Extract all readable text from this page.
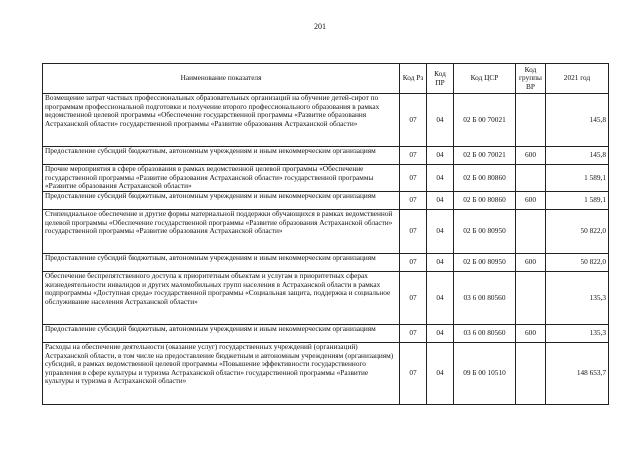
201
Наименование показателя	Код Рз	Код ПР	Код ЦСР	Код группы ВР	2021 год
Возмещение затрат частных профессиональных образовательных организаций на обучение детей-сирот по программам профессиональной подготовки и получение второго профессионального образования в рамках ведомственной целевой программы «Обеспечение государственной программы «Развитие образования Астраханской области» государственной программы «Развитие образования Астраханской области»	07	04	02 Б 00 70021		145,8
Предоставление субсидий бюджетным, автономным учреждениям и иным некоммерческим организациям	07	04	02 Б 00 70021	600	145,8
Прочие мероприятия в сфере образования в рамках ведомственной целевой программы «Обеспечение государственной программы «Развитие образования Астраханской области» государственной программы «Развитие образования Астраханской области»	07	04	02 Б 00 80860		1 589,1
Предоставление субсидий бюджетным, автономным учреждениям и иным некоммерческим организациям	07	04	02 Б 00 80860	600	1 589,1
Стипендиальное обеспечение и другие формы материальной поддержки обучающихся в рамках ведомственной целевой программы «Обеспечение государственной программы «Развитие образования Астраханской области» государственной программы «Развитие образования Астраханской области»	07	04	02 Б 00 80950		50 822,0
Предоставление субсидий бюджетным, автономным учреждениям и иным некоммерческим организациям	07	04	02 Б 00 80950	600	50 822,0
Обеспечение беспрепятственного доступа к приоритетным объектам и услугам в приоритетных сферах жизнедеятельности инвалидов и других маломобильных групп населения в Астраханской области в рамках подпрограммы «Доступная среда» государственной программы «Социальная защита, поддержка и социальное обслуживание населения Астраханской области»	07	04	03 6 00 80560		135,3
Предоставление субсидий бюджетным, автономным учреждениям и иным некоммерческим организациям	07	04	03 6 00 80560	600	135,3
Расходы на обеспечение деятельности (оказание услуг) государственных учреждений (организаций) Астраханской области, в том числе на предоставление бюджетным и автономным учреждениям (организациям) субсидий, в рамках ведомственной целевой программы «Повышение эффективности государственного управления в сфере культуры и туризма Астраханской области» государственной программы «Развитие культуры и туризма в Астраханской области»	07	04	09 Б 00 10510		148 653,7
